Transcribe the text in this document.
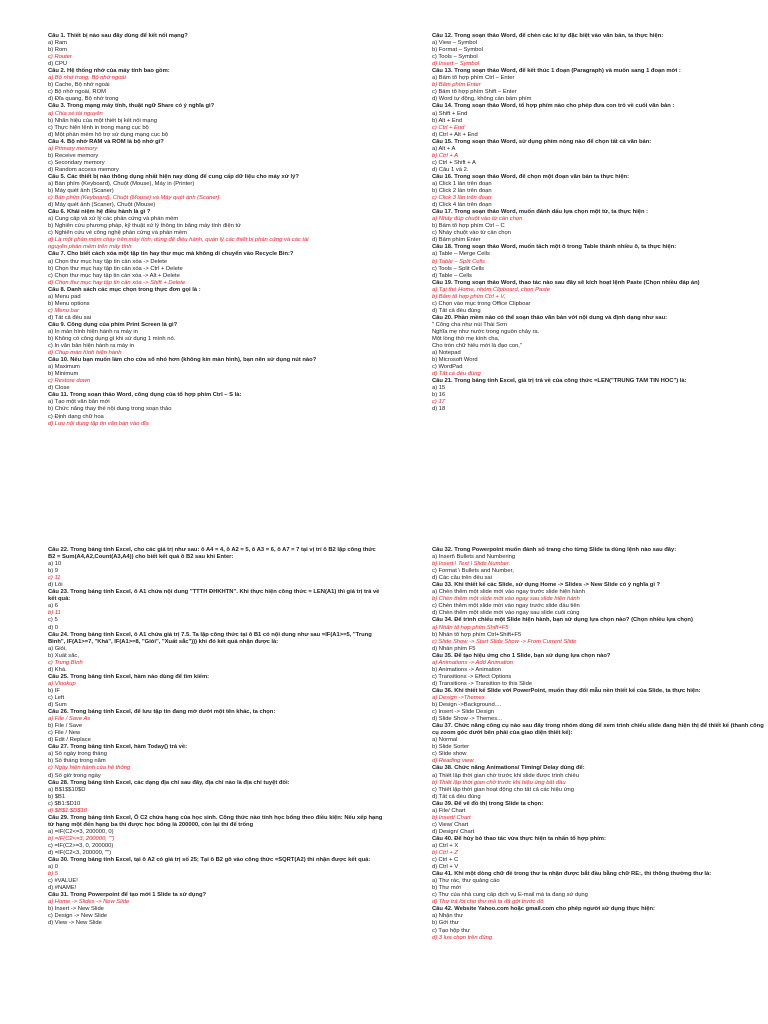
Câu 1. Thiết bị nào sau đây dùng để kết nối mạng?
a) Ram
b) Rom
c) Router
d) CPU
Câu 2. Hệ thống nhớ của máy tính bao gồm:
a) Bộ nhớ trong, Bộ nhớ ngoài
b) Cache, Bộ nhớ ngoài
c) Bộ nhớ ngoài, ROM
d) Đĩa quang, Bộ nhớ trong
Câu 3. Trong mạng máy tính, thuật ngữ Share có ý nghĩa gì?
a) Chia sẻ tài nguyên
b) Nhãn hiệu của một thiết bị kết nối mạng
c) Thực hiện lệnh in trong mạng cục bộ
d) Một phần mềm hỗ trợ sử dụng mạng cục bộ
Câu 4. Bộ nhớ RAM và ROM là bộ nhớ gì?
a) Primary memory
b) Receive memory
c) Secondary memory
d) Random access memory
Câu 5. Các thiết bị nào thông dụng nhất hiện nay dùng để cung cấp dữ liệu cho máy xử lý?
a) Bàn phím (Keyboard), Chuột (Mouse), Máy in (Printer)
b) Máy quét ảnh (Scaner)
c) Bàn phím (Keyboard), Chuột (Mouse) và Máy quét ảnh (Scaner)
d) Máy quét ảnh (Scaner), Chuột (Mouse)
Câu 6. Khái niệm hệ điều hành là gì ?
a) Cung cấp và xử lý các phần cứng và phần mềm
b) Nghiên cứu phương pháp, kỹ thuật xử lý thông tin bằng máy tính điện tử
c) Nghiên cứu về công nghệ phần cứng và phần mềm
d) Là một phần mềm chạy trên máy tính, dùng để điều hành, quản lý các thiết bị phần cứng và các tài
nguyên phần mềm trên máy tính
Câu 7. Cho biết cách xóa một tập tin hay thư mục mà không di chuyển vào Recycle Bin:?
a) Chọn thư mục hay tập tin cần xóa -> Delete
b) Chọn thư mục hay tập tin cần xóa -> Ctrl + Delete
c) Chọn thư mục hay tập tin cần xóa -> Alt + Delete
d) Chọn thư mục hay tập tin cần xóa -> Shift + Delete
Câu 8. Danh sách các mục chọn trong thực đơn gọi là :
a) Menu pad
b) Menu options
c) Menu bar
d) Tất cả đều sai
Câu 9. Công dụng của phím Print Screen là gì?
a) In màn hình hiện hành ra máy in
b) Không có công dụng gì khi sử dụng 1 mình nó.
c) In văn bản hiện hành ra máy in
d) Chụp màn hình hiện hành
Câu 10. Nếu bạn muốn làm cho cửa sổ nhỏ hơn (không kín màn hình), bạn nên sử dụng nút nào?
a) Maximum
b) Minimum
c) Restore down
d) Close
Câu 11. Trong soạn thảo Word, công dụng của tổ hợp phím Ctrl – S là:
a) Tạo một văn bản mới
b) Chức năng thay thế nội dung trong soạn thảo
c) Định dạng chữ hoa
d) Lưu nội dung tập tin văn bản vào đĩa
Câu 12. Trong soạn thảo Word, để chèn các kí tự đặc biệt vào văn bản, ta thực hiện:
a) View – Symbol
b) Format – Symbol
c) Tools – Symbol
d) Insert – Symbol
Câu 13. Trong soạn thảo Word, để kết thúc 1 đoạn (Paragraph) và muốn sang 1 đoạn mới :
a) Bấm tổ hợp phím Ctrl – Enter
b) Bấm phím Enter
c) Bấm tổ hợp phím Shift – Enter
d) Word tự động, không cần bấm phím
Câu 14. Trong soạn thảo Word, tổ hợp phím nào cho phép đưa con trỏ về cuối văn bản :
a) Shift + End
b) Alt + End
c) Ctrl + End
d) Ctrl + Alt + End
Câu 15. Trong soạn thảo Word, sử dụng phím nóng nào để chọn tất cả văn bản:
a) Alt + A
b) Ctrl + A
c) Ctrl + Shift + A
d) Câu 1 và 2.
Câu 16. Trong soạn thảo Word, để chọn một đoạn văn bản ta thực hiện:
a) Click 1 lần trên đoạn
b) Click 2 lần trên đoạn
c) Click 3 lần trên đoạn
d) Click 4 lần trên đoạn
Câu 17. Trong soạn thảo Word, muốn đánh dấu lựa chọn một từ, ta thực hiện :
a) Nháy đúp chuột vào từ cần chọn
b) Bấm tổ hợp phím Ctrl – C
c) Nháy chuột vào từ cần chọn
d) Bấm phím Enter
Câu 18. Trong soạn thảo Word, muốn tách một ô trong Table thành nhiều ô, ta thực hiện:
a) Table – Merge Cells
b) Table – Split Cells
c) Tools – Split Cells
d) Table – Cells
Câu 19. Trong soạn thảo Word, thao tác nào sau đây sẽ kích hoạt lệnh Paste (Chọn nhiều đáp án)
a) Tại thẻ Home, nhóm Clipboard, chọn Paste
b) Bấm tổ hợp phím Ctrl + V,
c) Chọn vào mục trong Office Clipboar
d) Tất cả đều đúng
Câu 20. Phần mềm nào có thể soạn thảo văn bản với nội dung và định dạng như sau:
" Công cha như núi Thái Sơn
Nghĩa mẹ như nước trong nguồn chảy ra.
Một lòng thờ mẹ kính cha,
Cho tròn chữ hiếu mới là đạo con,"
a) Notepad
b) Microsoft Word
c) WordPad
d) Tất cả đều đúng
Câu 21. Trong bảng tính Excel, giá trị trả về của công thức =LEN("TRUNG TAM TIN HOC") là:
a) 15
b) 16
c) 17
d) 18
Câu 22. Trong bảng tính Excel, cho các giá trị như sau: ô A4 = 4, ô A2 = 5, ô A3 = 6, ô A7 = 7 tại vị trí ô B2 lập công thức B2 = Sum(A4,A2,Count(A3,A4)) cho biết kết quả ô B2 sau khi Enter:
a) 10
b) 9
c) 11
d) Lỗi
Câu 23. Trong bảng tính Excel, ô A1 chứa nội dung "TTTH ĐHKHTN". Khi thực hiện công thức = LEN(A1) thì giá trị trả về kết quả:
a) 6
b) 11
c) 5
d) 0
Câu 24. Trong bảng tính Excel, ô A1 chứa giá trị 7.5. Ta lập công thức tại ô B1 có nội dung như sau =IF(A1>=5, "Trung Bình", IF(A1>=7, "Khá", IF(A1>=8, "Giỏi", "Xuất sắc"))) khi đó kết quả nhận được là:
a) Giỏi,
b) Xuất sắc,
c) Trung Bình
d) Khá.
Câu 25. Trong bảng tính Excel, hàm nào dùng để tìm kiếm:
a) Vlookup
b) IF
c) Left
d) Sum
Câu 26. Trong bảng tính Excel, để lưu tập tin đang mở dưới một tên khác, ta chọn:
a) File / Save As
b) File / Save
c) File / New
d) Edit / Replace
Câu 27. Trong bảng tính Excel, hàm Today() trả về:
a) Số ngày trong tháng
b) Số tháng trong năm
c) Ngày hiện hành của hệ thống
d) Số giờ trong ngày
Câu 28. Trong bảng tính Excel, các dạng địa chỉ sau đây, địa chỉ nào là địa chỉ tuyệt đối:
a) B$1$$10$D
b) $B1
c) $B1:$D10
d) $B$1:$D$10
Câu 29. Trong bảng tính Excel, Ô C2 chứa hạng của học sinh. Công thức nào tính học bổng theo điều kiện: Nếu xếp hạng từ hạng một đến hạng ba thì được học bổng là 200000, còn lại thì để trống
a) =IF(C2<=3, 200000, 0)
b) =IF(C2<=3, 200000, "")
c) =IF(C2>=3, 0, 200000)
d) =IF(C2<3, 200000, "")
Câu 30. Trong bảng tính Excel, tại ô A2 có giá trị số 25; Tại ô B2 gõ vào công thức =SQRT(A2) thì nhận được kết quả:
a) 0
b) 5
c) #VALUE!
d) #NAME!
Câu 31. Trong Powerpoint để tạo mới 1 Slide ta sử dụng?
a) Home -> Slides -> New Slide
b) Insert -> New Slide
c) Design -> New Slide
d) View -> New Slide
Câu 32. Trong Powerpoint muốn đánh số trang cho từng Slide ta dùng lệnh nào sau đây:
a) Insert\ Bullets and Numbering
b) Insert \ Text \ Slide Number.
c) Format \ Bullets and Number,
d) Các câu trên đều sai
Câu 33. Khi thiết kế các Slide, sử dụng Home -> Slides -> New Slide có ý nghĩa gì ?
a) Chèn thêm một slide mới vào ngay trước slide hiện hành
b) Chèn thêm một slide mới vào ngay sau slide hiện hành
c) Chèn thêm một slide mới vào ngay trước slide đầu tiên
d) Chèn thêm một slide mới vào ngay sau slide cuối cùng
Câu 34. Để trình chiếu một Slide hiện hành, bạn sử dụng lựa chọn nào? (Chọn nhiều lựa chọn)
a) Nhấn tổ hợp phím Shift+F5
b) Nhấn tổ hợp phím Ctrl+Shift+F5
c) Slide Show -> Start Slide Show -> From Current Slide
d) Nhấn phím F5
Câu 35. Để tạo hiệu ứng cho 1 Slide, bạn sử dụng lựa chọn nào?
a) Animations -> Add Animation
b) Animations -> Animation
c) Transitions -> Effect Options
d) Transitions -> Transition to this Slide
Câu 36. Khi thiết kế Slide với PowerPoint, muốn thay đổi mẫu nền thiết kế của Slide, ta thực hiện:
a) Design ->Themes
b) Design ->Background....
c) Insert -> Slide Design
d) Slide Show -> Themes...
Câu 37. Chức năng công cụ nào sau đây trong nhóm dùng để xem trình chiếu slide đang hiện thị để thiết kế (thanh công cụ zoom góc dưới bên phải của giao diện thiết kế):
a) Normal
b) Slide Sorter
c) Slide show
d) Reading view
Câu 38. Chức năng Animations/ Timing/ Delay dùng để:
a) Thiết lập thời gian chờ trước khi slide được trình chiếu
b) Thiết lập thời gian chờ trước khi hiệu ứng bắt đầu
c) Thiết lập thời gian hoạt động cho tất cả các hiệu ứng
d) Tất cả đều đúng
Câu 39. Để vẽ đồ thị trong Slide ta chọn:
a) File/ Chart
b) Insert/ Chart
c) View/ Chart
d) Design/ Chart
Câu 40. Để hủy bỏ thao tác vừa thực hiện ta nhấn tổ hợp phím:
a) Ctrl + X
b) Ctrl + Z
c) Ctrl + C
d) Ctrl + V
Câu 41. Khi một dòng chữ đề trong thư ta nhận được bắt đầu bằng chữ RE:, thì thông thường thư là:
a) Thư rác, thư quảng cáo
b) Thư mới
c) Thư của nhà cung cấp dịch vụ E-mail mà ta đang sử dụng
d) Thư trả lời cho thư mà ta đã gởi trước đó
Câu 42. Website Yahoo.com hoặc gmail.com cho phép người sử dụng thực hiện:
a) Nhận thư
b) Gởi thư
c) Tạo hộp thư
d) 3 lựa chọn trên đúng
